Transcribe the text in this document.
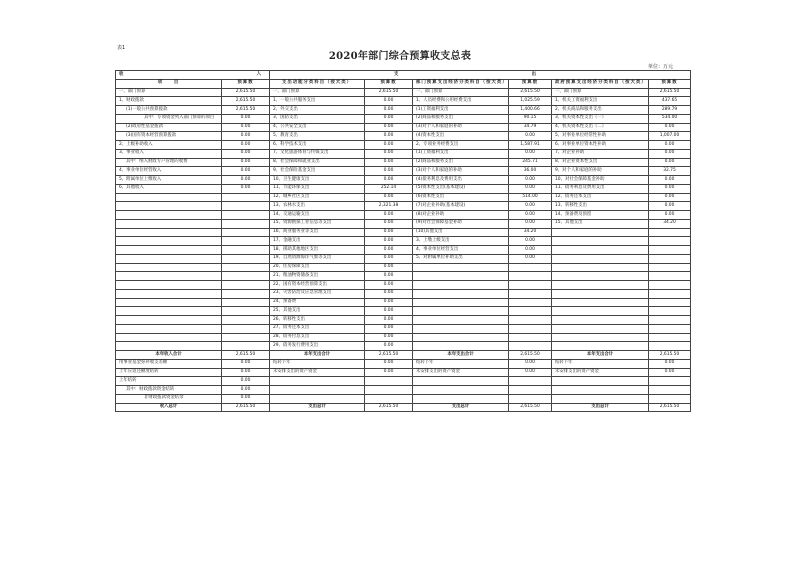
表1
2020年部门综合预算收支总表
单位：万元
收　　　入		支　　　出					
项　　目	预算数	支出功能分类科目（按大类）	预算数	部门预算支出经济分类科目（按大类）	预算数	政府预算支出经济分类科目（按大类）	预算数
一、部门预算	2,615.50	一、部门预算	2,615.50	一、部门预算	2,615.50	一、部门预算	2,615.50
1、财政拨款	2,615.50	1、一般公共服务支出	0.00	1、人员经费和公用经费支出	1,025.59	1、机关工资福利支出	437.65
(1)一般公共预算拨款	2,615.50	2、外交支出	0.00	(1)工资福利支出	1,400.66	2、机关商品和服务支出	289.79
其中：专项资金列入部门预算的项目	0.00	3、国防支出	0.00	(2)商品和服务支出	90.15	3、机关资本性支出（一）	534.00
(2)政府性基金拨款	0.00	4、公共安全支出	0.00	(3)对个人和家庭的补助	34.79	4、机关资本性支出（二）	0.00
(3)国有资本经营预算拨款	0.00	5、教育支出	0.00	(4)资本性支出	0.00	5、对事业单位经常性补助	1,007.00
2、上级补助收入	0.00	6、科学技术支出	0.00	2、专项业务经费支出	1,587.91	6、对事业单位资本性补助	0.00
3、事业收入	0.00	7、文化旅游体育与传媒支出	0.00	(1)工资福利支出	0.00	7、对企业补助	0.00
其中：纳入财政专户管理的收费	0.00	8、社会保障和就业支出	0.00	(2)商品和服务支出	245.71	8、对企业资本性支出	0.00
4、事业单位经营收入	0.00	9、社会保险基金支出	0.00	(3)对个人和家庭的补助	36.00	9、对个人和家庭的补助	32.75
5、附属单位上缴收入	0.00	10、卫生健康支出	0.00	(4)债务利息及费用支出	0.00	10、对社会保障基金补助	0.00
6、其他收入	0.00	11、节能环保支出	252.14	(5)资本性支出(基本建设)	0.00	11、债务利息及费用支出	0.00
		12、城乡社区支出	0.00	(6)资本性支出	514.00	12、债务还本支出	0.00
		13、农林水支出	2,321.38	(7)对企业补助(基本建设)	0.00	13、转移性支出	0.00
		14、交通运输支出	0.00	(8)对企业补助	0.00	14、预备费及预留	0.00
		15、资源勘探工业信息等支出	0.00	(9)对社会保障基金补助	0.00	15、其他支出	34.20
		16、商业服务业等支出	0.00	(10)其他支出	34.20		
		17、金融支出	0.00	3、上缴上级支出	0.00		
		18、援助其他地区支出	0.00	4、事业单位经营支出	0.00		
		19、自然资源海洋气象等支出	0.00	5、对附属单位补助支出	0.00		
		20、住房保障支出	0.00				
		21、粮油物资储备支出	0.00				
		22、国有资本经营预算支出	0.00				
		23、灾害防治及应急管理支出	0.00				
		24、预备费	0.00				
		25、其他支出	0.00				
		26、转移性支出	0.00				
		27、债务还本支出	0.00				
		28、债务付息支出	0.00				
		29、债务发行费用支出	0.00				
本年收入合计	2,615.50	本年支出合计	2,615.50	本年支出合计	2,615.50	本年支出合计	2,615.50
用事业基金弥补收支差额	0.00	结转下年	0.00	结转下年	0.00	结转下年	0.00
上年应返还额度结转	0.00	未安排支出的资产资金	0.00	未安排支出的资产资金	0.00	未安排支出的资产资金	0.00
上年结转	0.00						
其中：财政拨款资金结转	0.00						
非财政拨款资金结余	0.00						
收入总计	2,615.50	支出总计	2,615.50	支出总计	2,615.50	支出总计	2,615.50
